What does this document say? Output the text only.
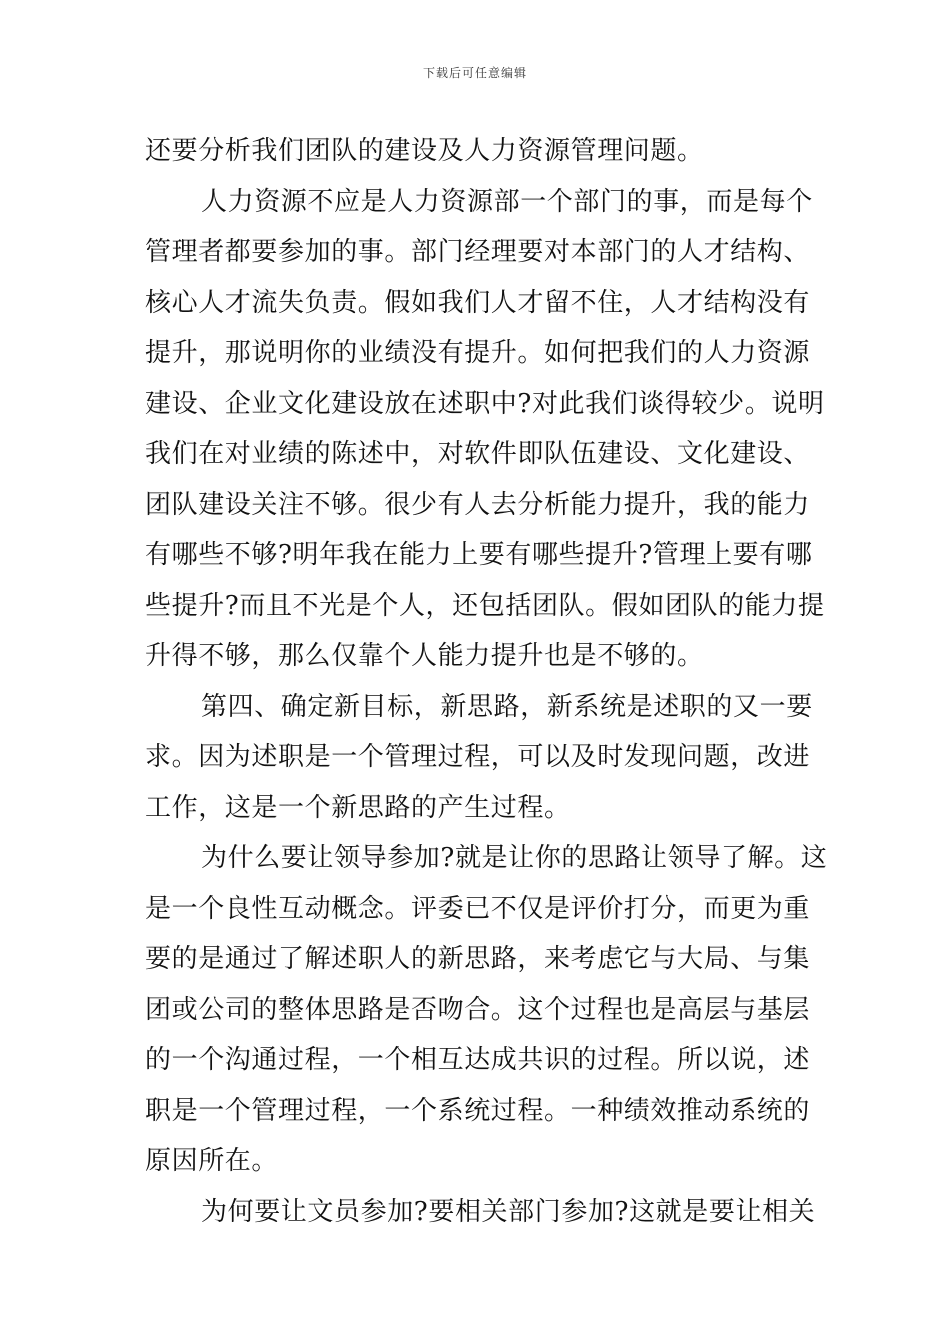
下载后可任意编辑
还要分析我们团队的建设及人力资源管理问题。
人力资源不应是人力资源部一个部门的事，而是每个
管理者都要参加的事。部门经理要对本部门的人才结构、
核心人才流失负责。假如我们人才留不住，人才结构没有
提升，那说明你的业绩没有提升。如何把我们的人力资源
建设、企业文化建设放在述职中?对此我们谈得较少。说明
我们在对业绩的陈述中，对软件即队伍建设、文化建设、
团队建设关注不够。很少有人去分析能力提升，我的能力
有哪些不够?明年我在能力上要有哪些提升?管理上要有哪
些提升?而且不光是个人，还包括团队。假如团队的能力提
升得不够，那么仅靠个人能力提升也是不够的。
第四、确定新目标，新思路，新系统是述职的又一要
求。因为述职是一个管理过程，可以及时发现问题，改进
工作，这是一个新思路的产生过程。
为什么要让领导参加?就是让你的思路让领导了解。这
是一个良性互动概念。评委已不仅是评价打分，而更为重
要的是通过了解述职人的新思路，来考虑它与大局、与集
团或公司的整体思路是否吻合。这个过程也是高层与基层
的一个沟通过程，一个相互达成共识的过程。所以说，述
职是一个管理过程，一个系统过程。一种绩效推动系统的
原因所在。
为何要让文员参加?要相关部门参加?这就是要让相关
